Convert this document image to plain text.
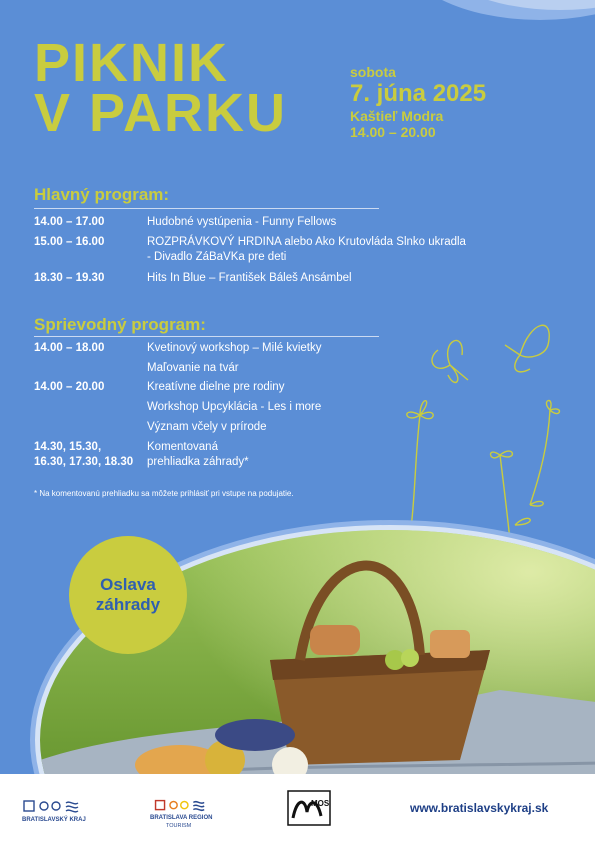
PIKNIK
V PARKU
sobota
7. júna 2025
Kaštieľ Modra
14.00 – 20.00
Hlavný program:
14.00 – 17.00	Hudobné vystúpenia - Funny Fellows
15.00 – 16.00	ROZPRÁVKOVÝ HRDINA alebo Ako Krutovláda Slnko ukradla
- Divadlo ZáBaVKa pre deti
18.30 – 19.30	Hits In Blue – František Báleš Ansámbel
Sprievodný program:
14.00 – 18.00	Kvetinový workshop – Milé kvietky
Maľovanie na tvár
14.00 – 20.00	Kreatívne dielne pre rodiny
Workshop Upcyklácia - Les i more
Význam včely v prírode
14.30, 15.30,	Komentovaná
16.30, 17.30, 18.30	prehliadka záhrady*
* Na komentovanú prehliadku sa môžete prihlásiť pri vstupe na podujatie.
Oslava
záhrady
BRATISLAVSKÝ KRAJ	BRATISLAVA REGION
TOURISM
MOS	www.bratislavskykraj.sk
